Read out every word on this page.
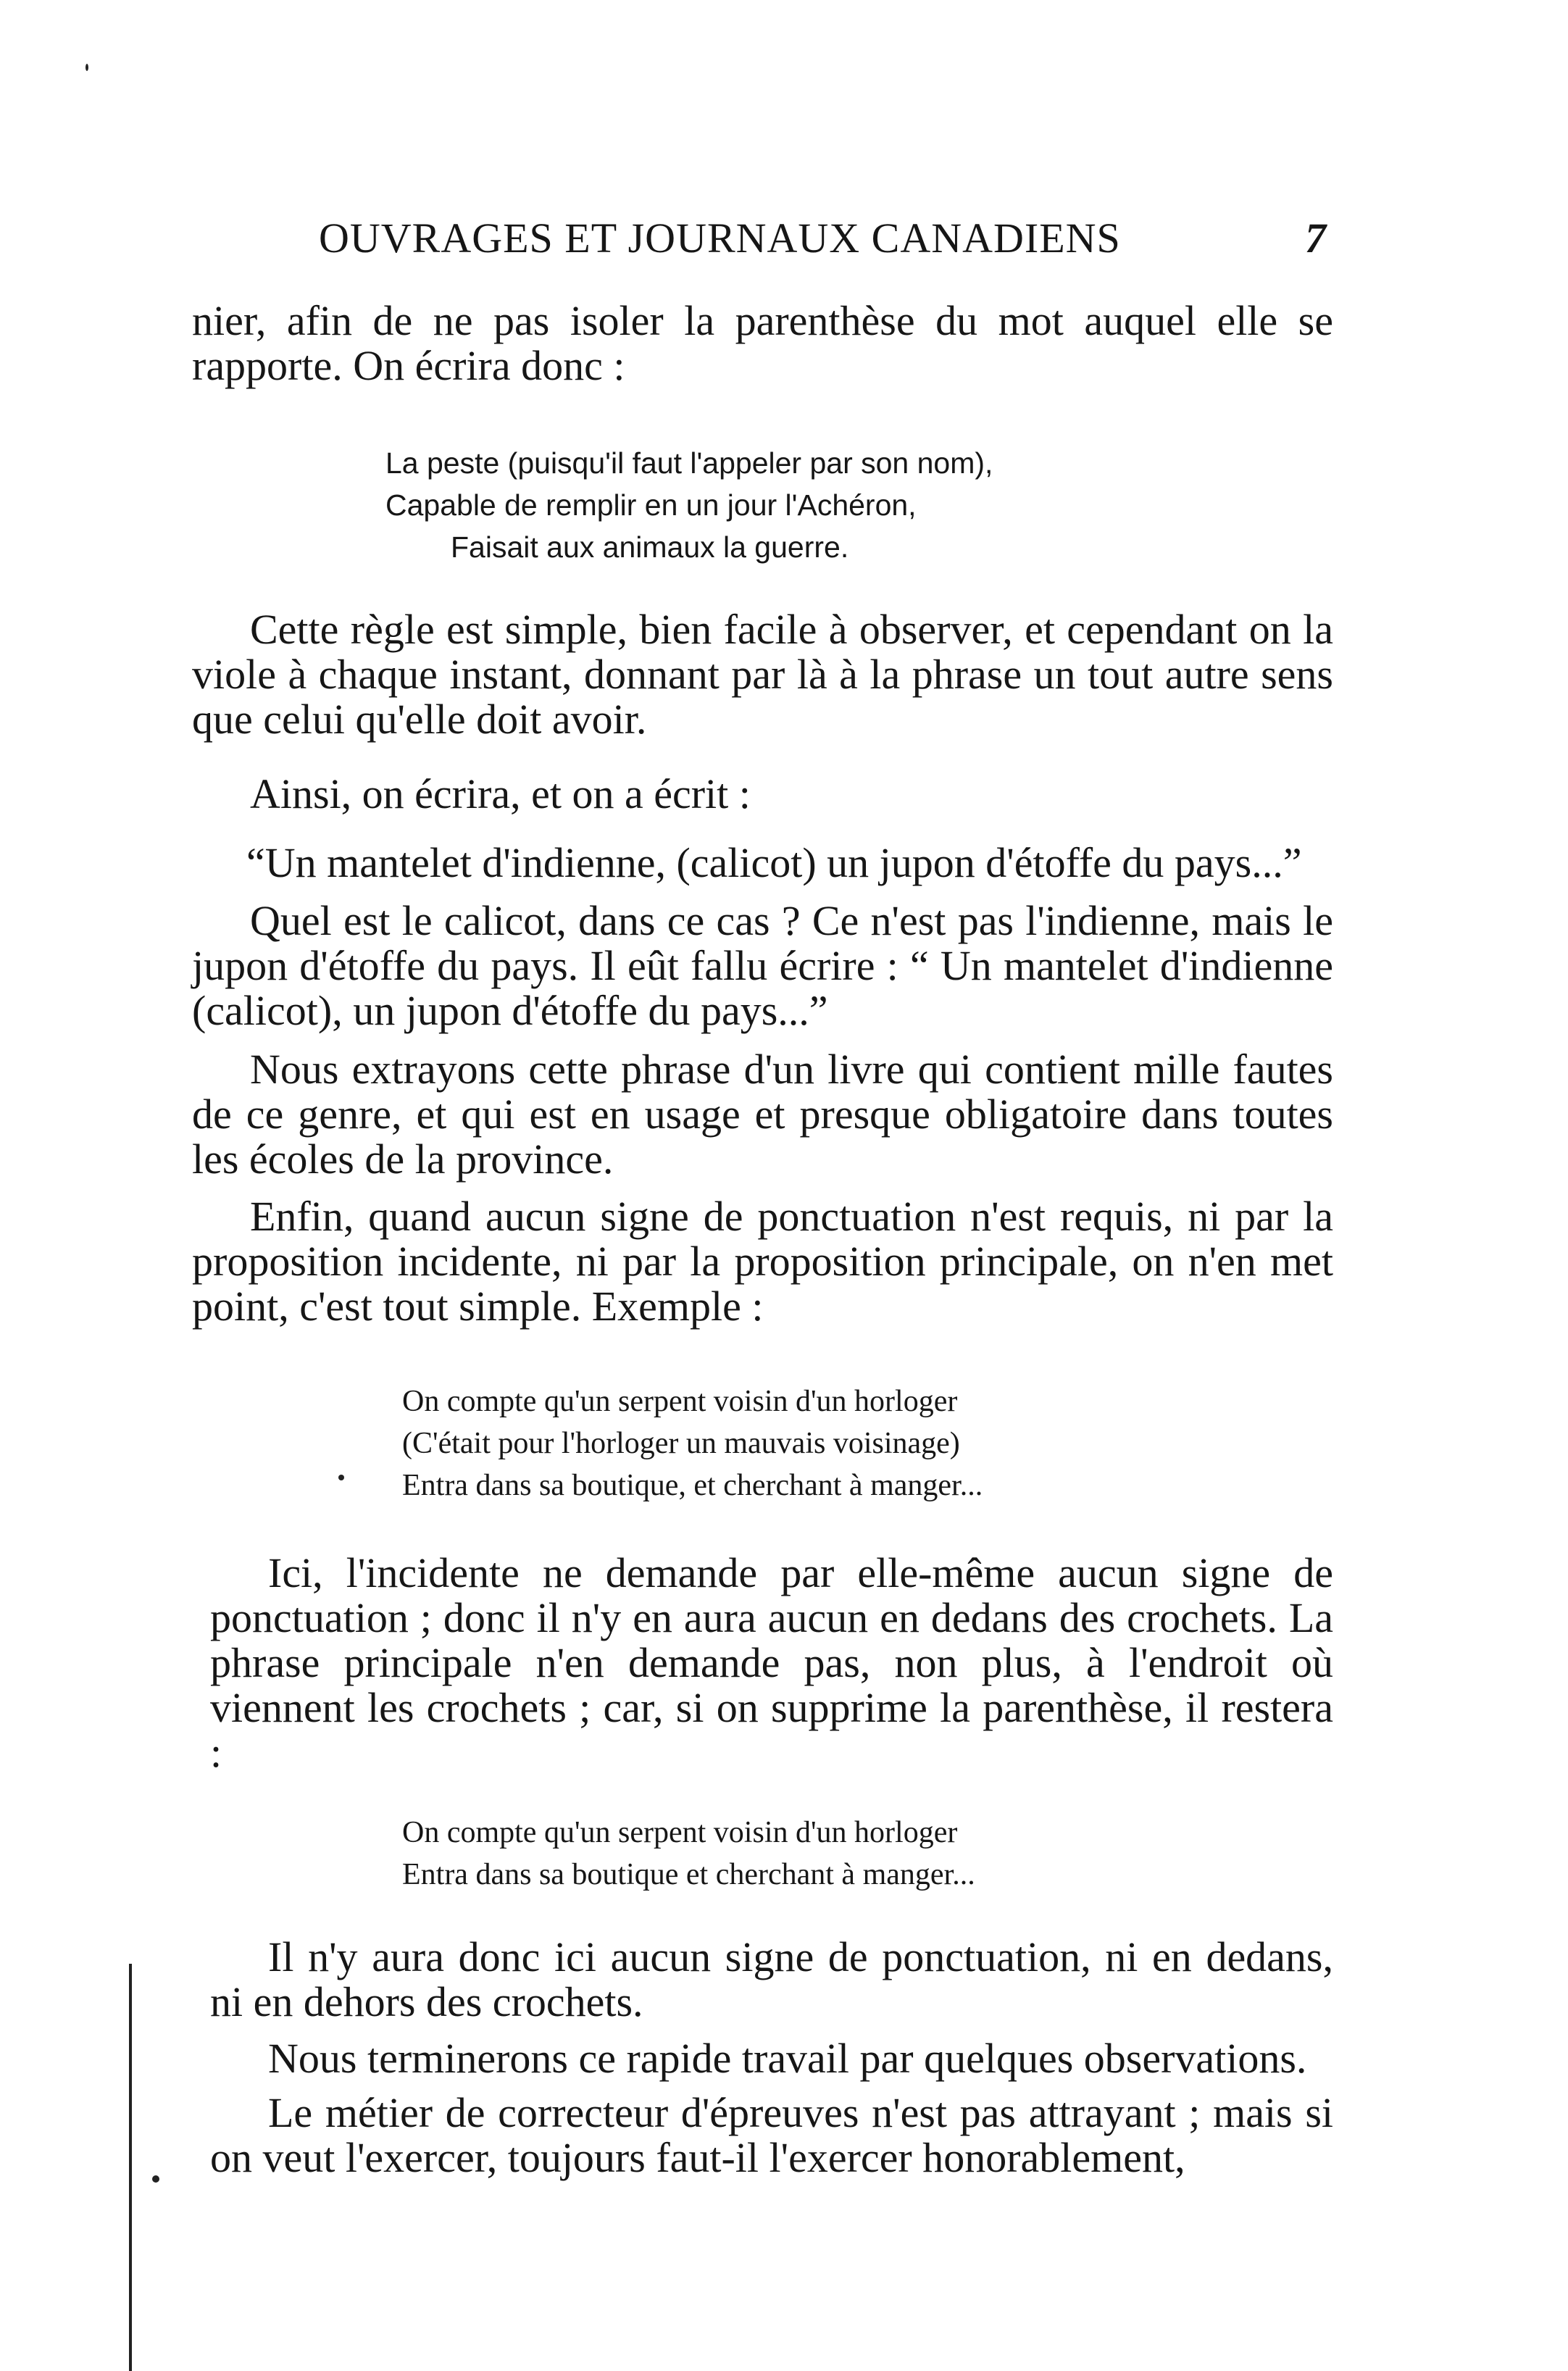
OUVRAGES ET JOURNAUX CANADIENS	7

nier, afin de ne pas isoler la parenthèse du mot auquel elle se rapporte. On écrira donc :

La peste (puisqu'il faut l'appeler par son nom),
Capable de remplir en un jour l'Achéron,
Faisait aux animaux la guerre.

Cette règle est simple, bien facile à observer, et cependant on la viole à chaque instant, donnant par là à la phrase un tout autre sens que celui qu'elle doit avoir.

Ainsi, on écrira, et on a écrit :

“Un mantelet d'indienne, (calicot) un jupon d'étoffe du pays...”

Quel est le calicot, dans ce cas ? Ce n'est pas l'indienne, mais le jupon d'étoffe du pays. Il eût fallu écrire : “ Un mantelet d'indienne (calicot), un jupon d'étoffe du pays...”

Nous extrayons cette phrase d'un livre qui contient mille fautes de ce genre, et qui est en usage et presque obligatoire dans toutes les écoles de la province.

Enfin, quand aucun signe de ponctuation n'est requis, ni par la proposition incidente, ni par la proposition principale, on n'en met point, c'est tout simple. Exemple :

On compte qu'un serpent voisin d'un horloger
(C'était pour l'horloger un mauvais voisinage)
Entra dans sa boutique, et cherchant à manger...

Ici, l'incidente ne demande par elle-même aucun signe de ponctuation ; donc il n'y en aura aucun en dedans des crochets. La phrase principale n'en demande pas, non plus, à l'endroit où viennent les crochets ; car, si on supprime la parenthèse, il restera :

On compte qu'un serpent voisin d'un horloger
Entra dans sa boutique et cherchant à manger...

Il n'y aura donc ici aucun signe de ponctuation, ni en dedans, ni en dehors des crochets.

Nous terminerons ce rapide travail par quelques observations.

Le métier de correcteur d'épreuves n'est pas attrayant ; mais si on veut l'exercer, toujours faut-il l'exercer honorablement,
